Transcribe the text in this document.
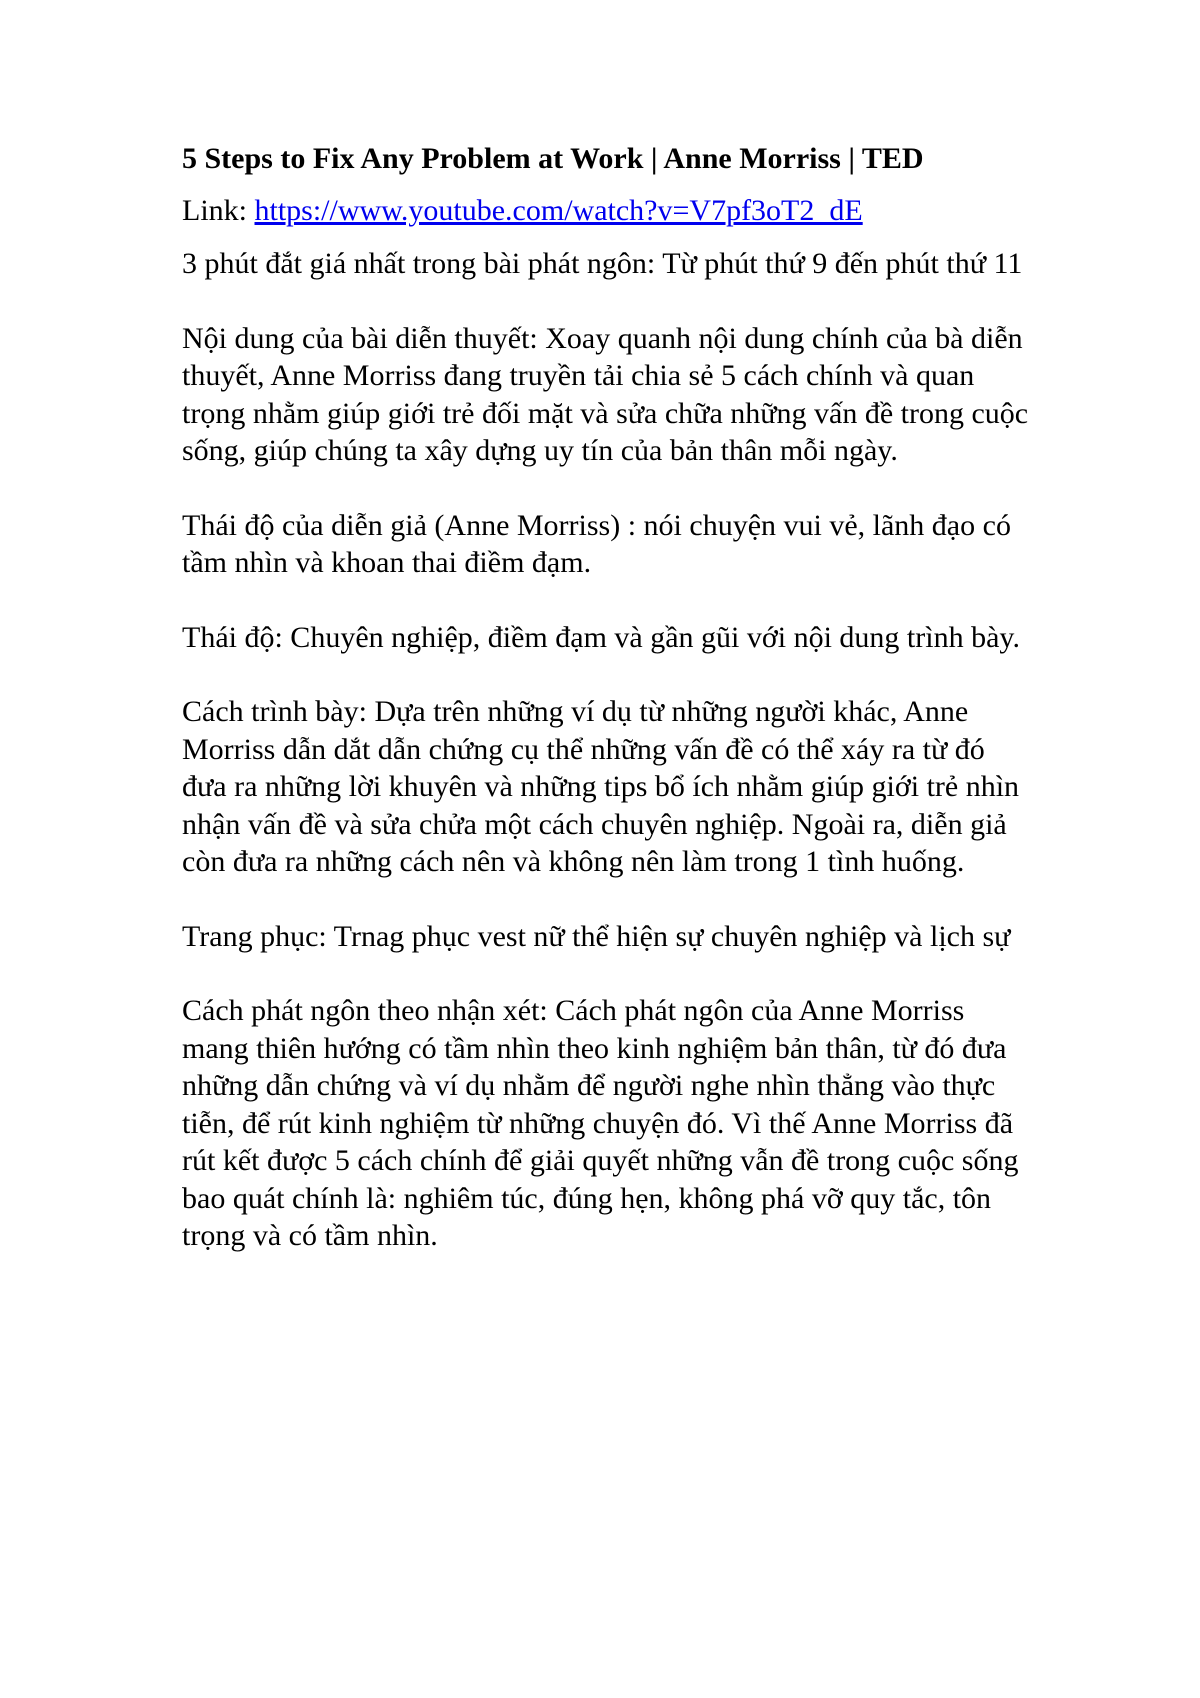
5 Steps to Fix Any Problem at Work | Anne Morriss | TED
Link: https://www.youtube.com/watch?v=V7pf3oT2_dE
3 phút đắt giá nhất trong bài phát ngôn: Từ phút thứ 9 đến phút thứ 11
Nội dung của bài diễn thuyết: Xoay quanh nội dung chính của bà diễn thuyết, Anne Morriss đang truyền tải chia sẻ 5 cách chính và quan trọng nhằm giúp giới trẻ đối mặt và sửa chữa những vấn đề trong cuộc sống, giúp chúng ta xây dựng uy tín của bản thân mỗi ngày.
Thái độ của diễn giả (Anne Morriss) : nói chuyện vui vẻ, lãnh đạo có tầm nhìn và khoan thai điềm đạm.
Thái độ: Chuyên nghiệp, điềm đạm và gần gũi với nội dung trình bày.
Cách trình bày: Dựa trên những ví dụ từ những người khác, Anne Morriss dẫn dắt dẫn chứng cụ thể những vấn đề có thể xáy ra từ đó đưa ra những lời khuyên và những tips bổ ích nhằm giúp giới trẻ nhìn nhận vấn đề và sửa chửa một cách chuyên nghiệp. Ngoài ra, diễn giả còn đưa ra những cách nên và không nên làm trong 1 tình huống.
Trang phục: Trnag phục vest nữ thể hiện sự chuyên nghiệp và lịch sự
Cách phát ngôn theo nhận xét: Cách phát ngôn của Anne Morriss mang thiên hướng có tầm nhìn theo kinh nghiệm bản thân, từ đó đưa những dẫn chứng và ví dụ nhằm để người nghe nhìn thẳng vào thực tiễn, để rút kinh nghiệm từ những chuyện đó. Vì thế Anne Morriss đã rút kết được 5 cách chính để giải quyết những vẫn đề trong cuộc sống bao quát chính là: nghiêm túc, đúng hẹn, không phá vỡ quy tắc, tôn trọng và có tầm nhìn.
